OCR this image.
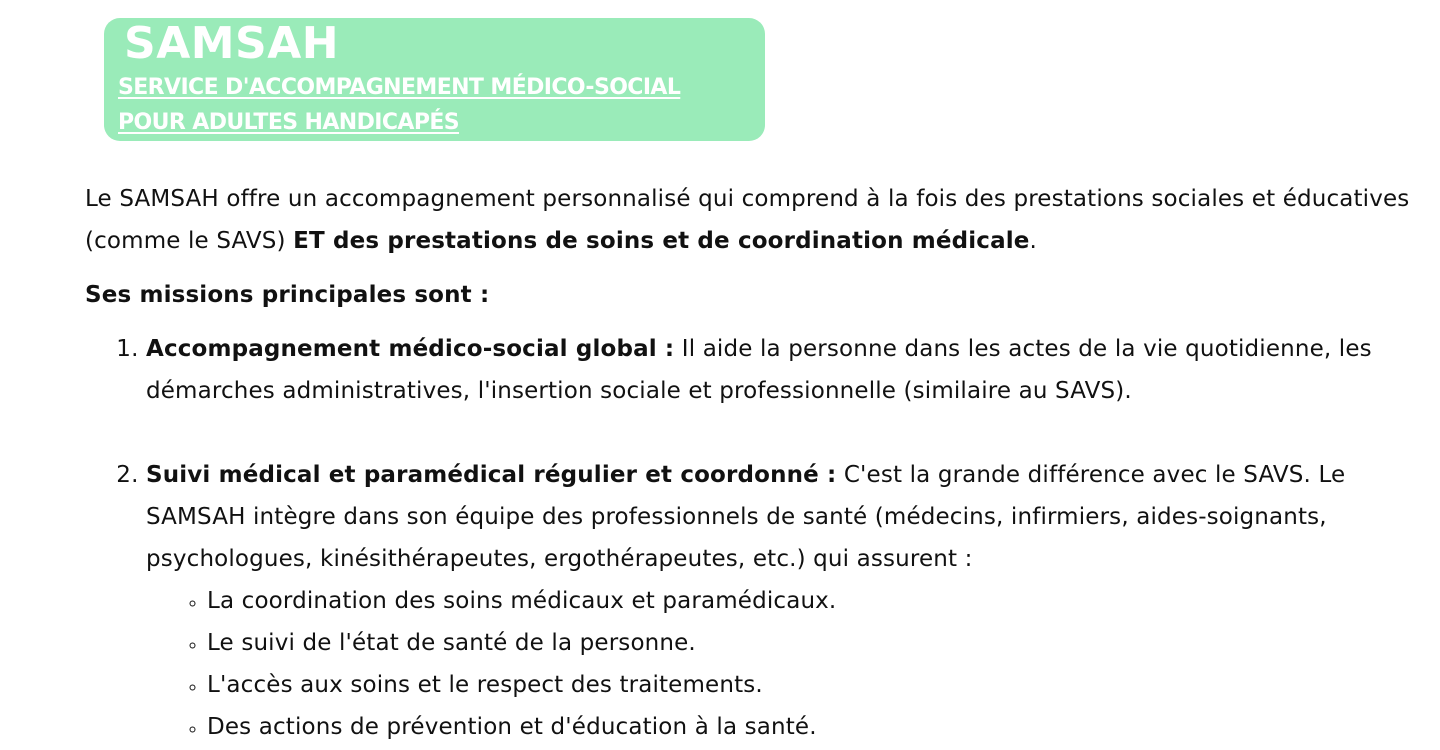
SAMSAH
SERVICE D'ACCOMPAGNEMENT MÉDICO-SOCIAL
POUR ADULTES HANDICAPÉS

Le SAMSAH offre un accompagnement personnalisé qui comprend à la fois des prestations sociales et éducatives (comme le SAVS) ET des prestations de soins et de coordination médicale.

Ses missions principales sont :

1. Accompagnement médico-social global : Il aide la personne dans les actes de la vie quotidienne, les démarches administratives, l'insertion sociale et professionnelle (similaire au SAVS).
2. Suivi médical et paramédical régulier et coordonné : C'est la grande différence avec le SAVS. Le SAMSAH intègre dans son équipe des professionnels de santé (médecins, infirmiers, aides-soignants, psychologues, kinésithérapeutes, ergothérapeutes, etc.) qui assurent :
◦ La coordination des soins médicaux et paramédicaux.
◦ Le suivi de l'état de santé de la personne.
◦ L'accès aux soins et le respect des traitements.
◦ Des actions de prévention et d'éducation à la santé.
